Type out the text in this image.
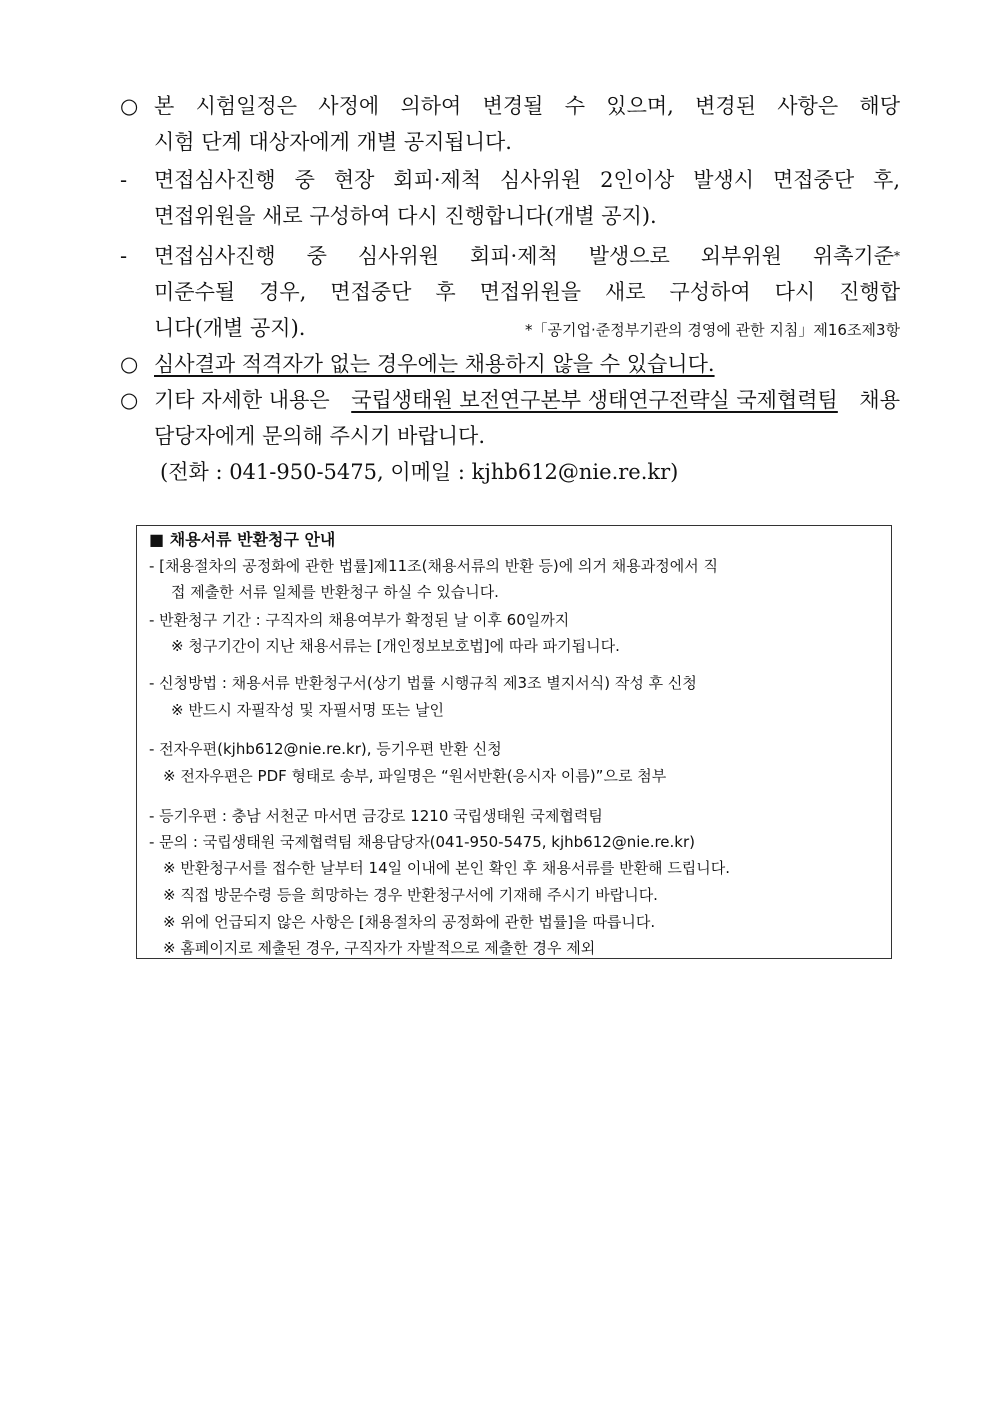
○ 본 시험일정은 사정에 의하여 변경될 수 있으며, 변경된 사항은 해당
시험 단계 대상자에게 개별 공지됩니다.
-	면접심사진행 중 현장 회피·제척 심사위원 2인이상 발생시 면접중단 후,
면접위원을 새로 구성하여 다시 진행합니다(개별 공지).
-	면접심사진행 중 심사위원 회피·제척 발생으로 외부위원 위촉기준 *
미준수될 경우, 면접중단 후 면접위원을 새로 구성하여 다시 진행합
니다(개별 공지).	*「공기업·준정부기관의 경영에 관한 지침」제16조제3항
○ 심사결과 적격자가 없는 경우에는 채용하지 않을 수 있습니다.
○ 기타 자세한 내용은 국립생태원 보전연구본부 생태연구전략실 국제협력팀 채용
담당자에게 문의해 주시기 바랍니다.
(전화 : 041-950-5475, 이메일 : kjhb612@nie.re.kr)
■ 채용서류 반환청구 안내
- [채용절차의 공정화에 관한 법률]제11조(채용서류의 반환 등)에 의거 채용과정에서 직
접 제출한 서류 일체를 반환청구 하실 수 있습니다.
- 반환청구 기간 : 구직자의 채용여부가 확정된 날 이후 60일까지
※ 청구기간이 지난 채용서류는 [개인정보보호법]에 따라 파기됩니다.
- 신청방법 : 채용서류 반환청구서(상기 법률 시행규칙 제3조 별지서식) 작성 후 신청
※ 반드시 자필작성 및 자필서명 또는 날인
- 전자우편(kjhb612@nie.re.kr), 등기우편 반환 신청
※ 전자우편은 PDF 형태로 송부, 파일명은 “원서반환(응시자 이름)”으로 첨부
- 등기우편 : 충남 서천군 마서면 금강로 1210 국립생태원 국제협력팀
- 문의 : 국립생태원 국제협력팀 채용담당자(041-950-5475, kjhb612@nie.re.kr)
※ 반환청구서를 접수한 날부터 14일 이내에 본인 확인 후 채용서류를 반환해 드립니다.
※ 직접 방문수령 등을 희망하는 경우 반환청구서에 기재해 주시기 바랍니다.
※ 위에 언급되지 않은 사항은 [채용절차의 공정화에 관한 법률]을 따릅니다.
※ 홈페이지로 제출된 경우, 구직자가 자발적으로 제출한 경우 제외
